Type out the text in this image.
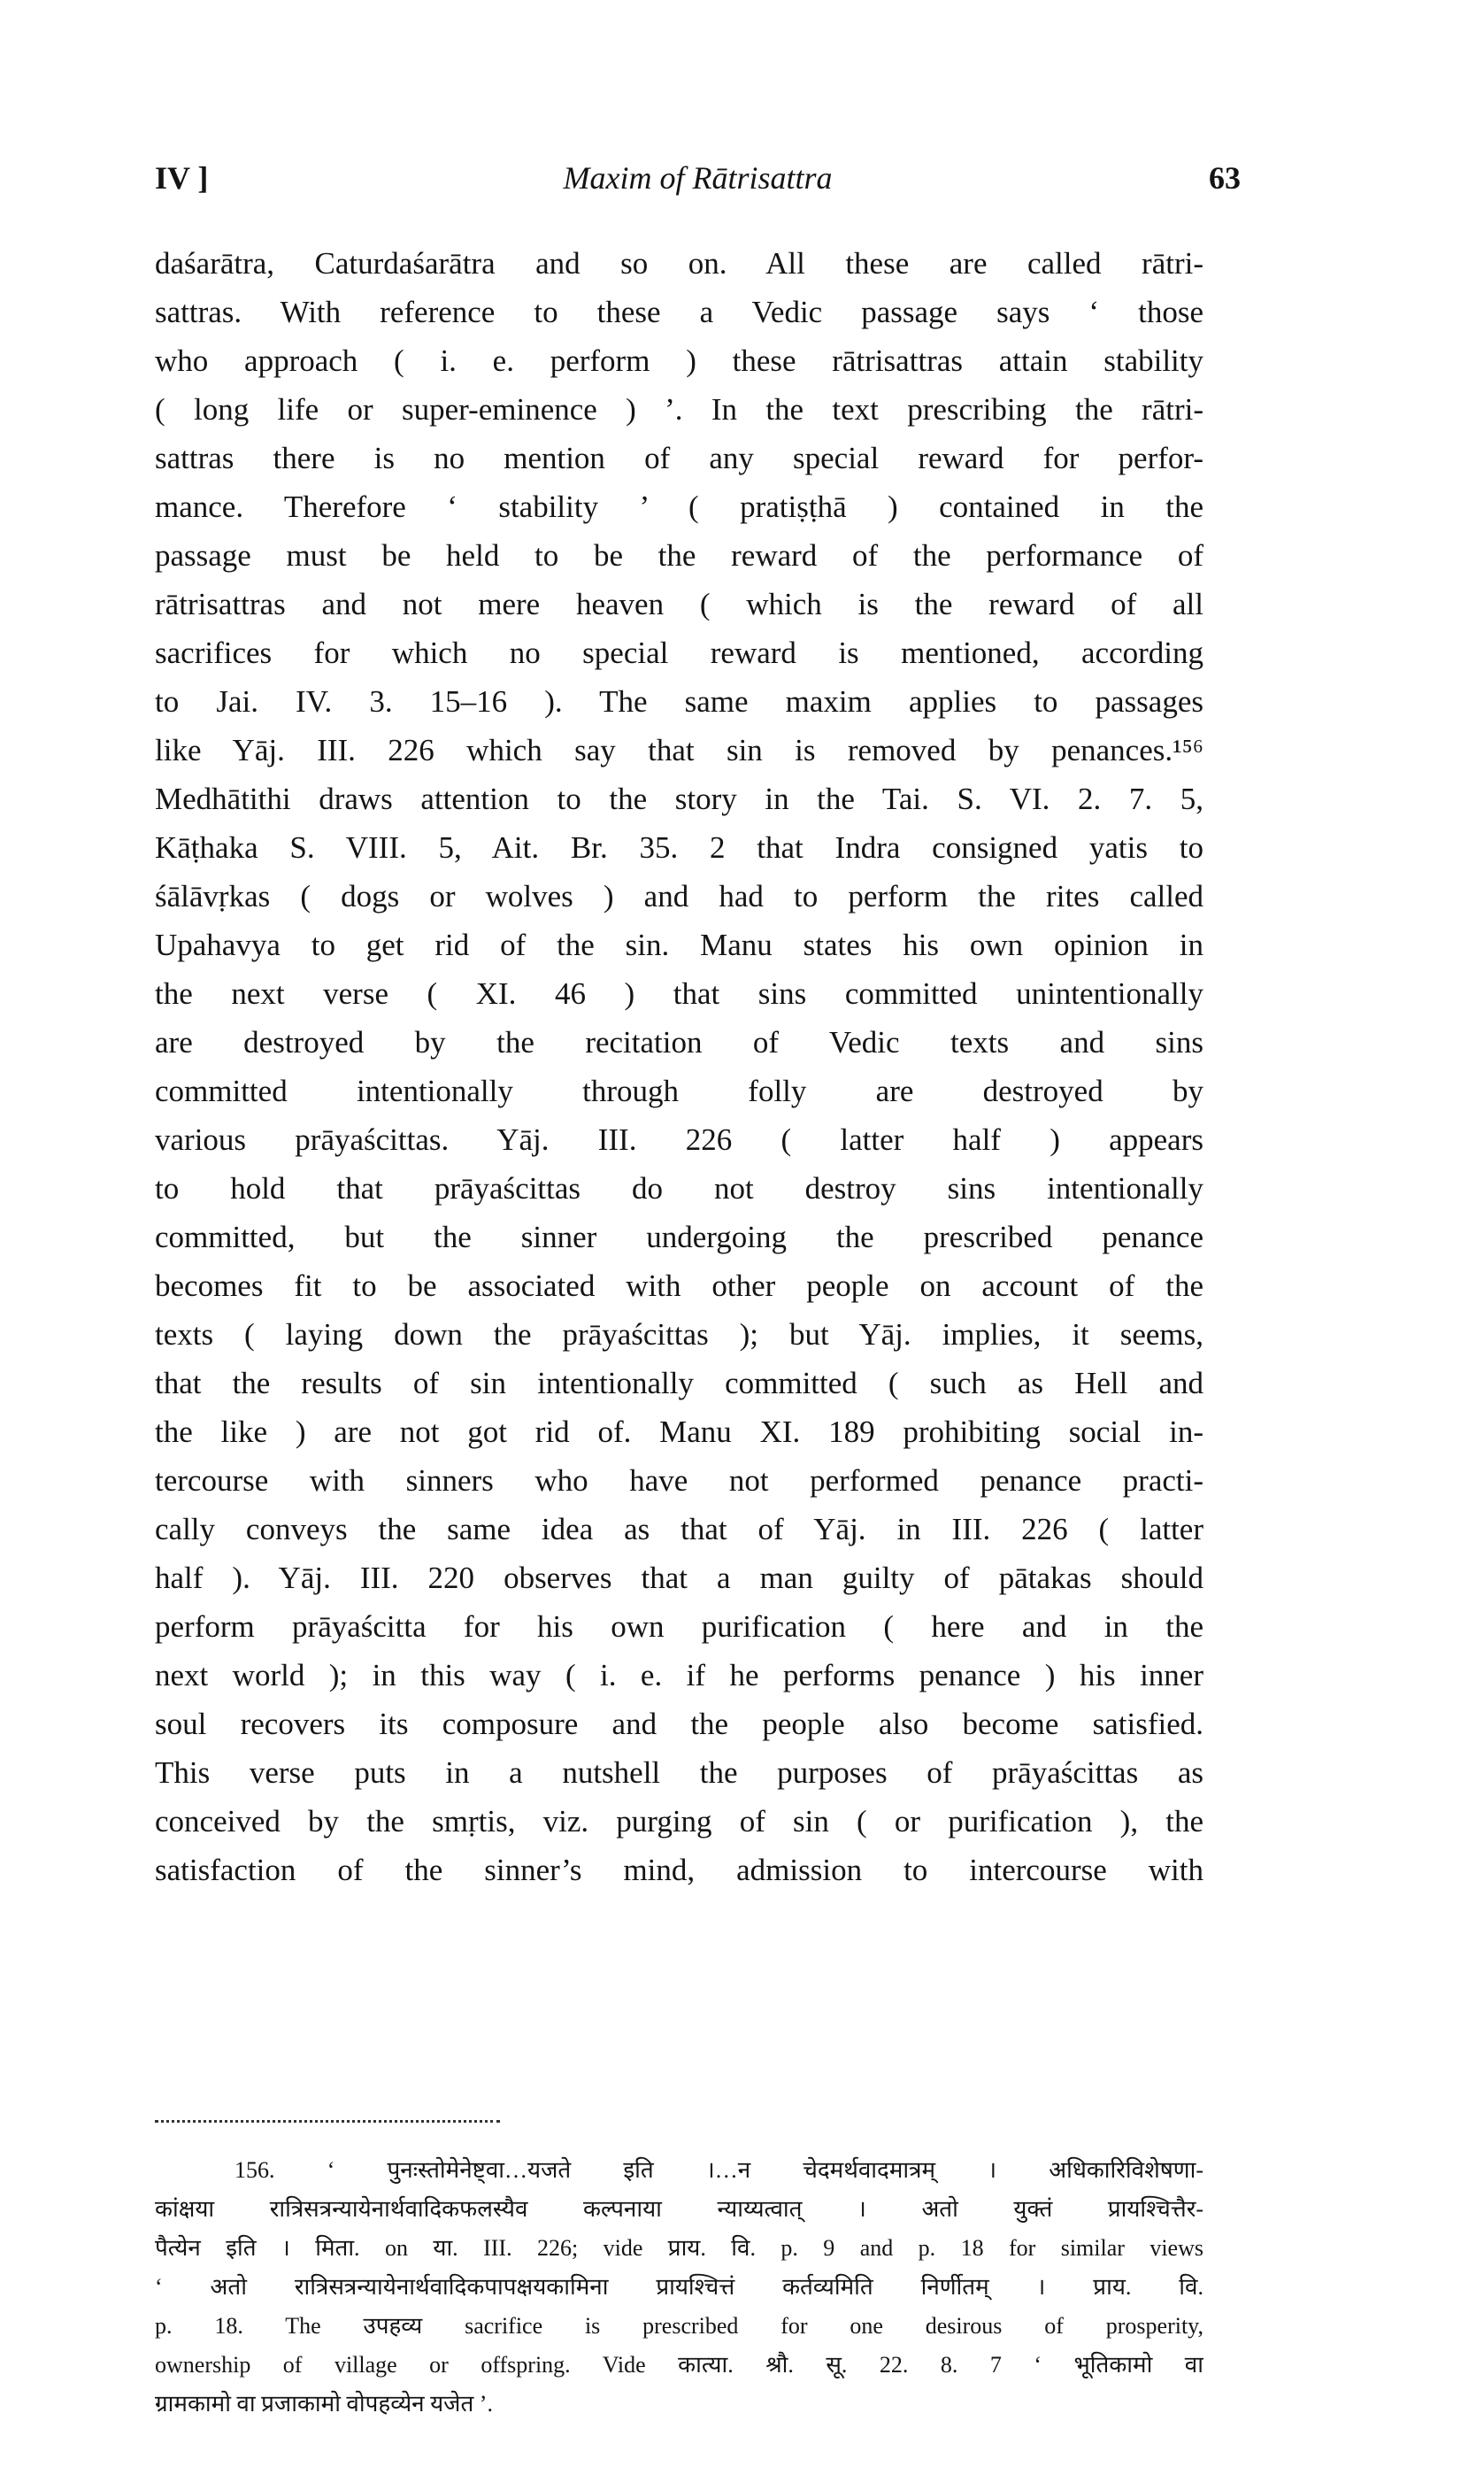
IV ]	Maxim of Rātrisattra	63
daśarātra, Caturdaśarātra and so on. All these are called rātri-
sattras. With reference to these a Vedic passage says ‘ those
who approach ( i. e. perform ) these rātrisattras attain stability
( long life or super-eminence ) ’. In the text prescribing the rātri-
sattras there is no mention of any special reward for perfor-
mance. Therefore ‘ stability ’ ( pratiṣṭhā ) contained in the
passage must be held to be the reward of the performance of
rātrisattras and not mere heaven ( which is the reward of all
sacrifices for which no special reward is mentioned, according
to Jai. IV. 3. 15–16 ). The same maxim applies to passages
like Yāj. III. 226 which say that sin is removed by penances.¹⁵⁶
Medhātithi draws attention to the story in the Tai. S. VI. 2. 7. 5,
Kāṭhaka S. VIII. 5, Ait. Br. 35. 2 that Indra consigned yatis to
śālāvṛkas ( dogs or wolves ) and had to perform the rites called
Upahavya to get rid of the sin. Manu states his own opinion in
the next verse ( XI. 46 ) that sins committed unintentionally
are destroyed by the recitation of Vedic texts and sins
committed intentionally through folly are destroyed by
various prāyaścittas. Yāj. III. 226 ( latter half ) appears
to hold that prāyaścittas do not destroy sins intentionally
committed, but the sinner undergoing the prescribed penance
becomes fit to be associated with other people on account of the
texts ( laying down the prāyaścittas ); but Yāj. implies, it seems,
that the results of sin intentionally committed ( such as Hell and
the like ) are not got rid of. Manu XI. 189 prohibiting social in-
tercourse with sinners who have not performed penance practi-
cally conveys the same idea as that of Yāj. in III. 226 ( latter
half ). Yāj. III. 220 observes that a man guilty of pātakas should
perform prāyaścitta for his own purification ( here and in the
next world ); in this way ( i. e. if he performs penance ) his inner
soul recovers its composure and the people also become satisfied.
This verse puts in a nutshell the purposes of prāyaścittas as
conceived by the smṛtis, viz. purging of sin ( or purification ), the
satisfaction of the sinner’s mind, admission to intercourse with
156. ‘ पुनःस्तोमेनेष्ट्वा…यजते इति ।…न चेदमर्थवादमात्रम् । अधिकारिविशेषणा-
कांक्षया रात्रिसत्रन्यायेनार्थवादिकफलस्यैव कल्पनाया न्याय्यत्वात् । अतो युक्तं प्रायश्चित्तैर-
पैत्येन इति । मिता. on या. III. 226; vide प्राय. वि. p. 9 and p. 18 for similar views
‘ अतो रात्रिसत्रन्यायेनार्थवादिकपापक्षयकामिना प्रायश्चित्तं कर्तव्यमिति निर्णीतम् । प्राय. वि.
p. 18. The उपहव्य sacrifice is prescribed for one desirous of prosperity,
ownership of village or offspring. Vide कात्या. श्रौ. सू. 22. 8. 7 ‘ भूतिकामो वा
ग्रामकामो वा प्रजाकामो वोपहव्येन यजेत ’.
